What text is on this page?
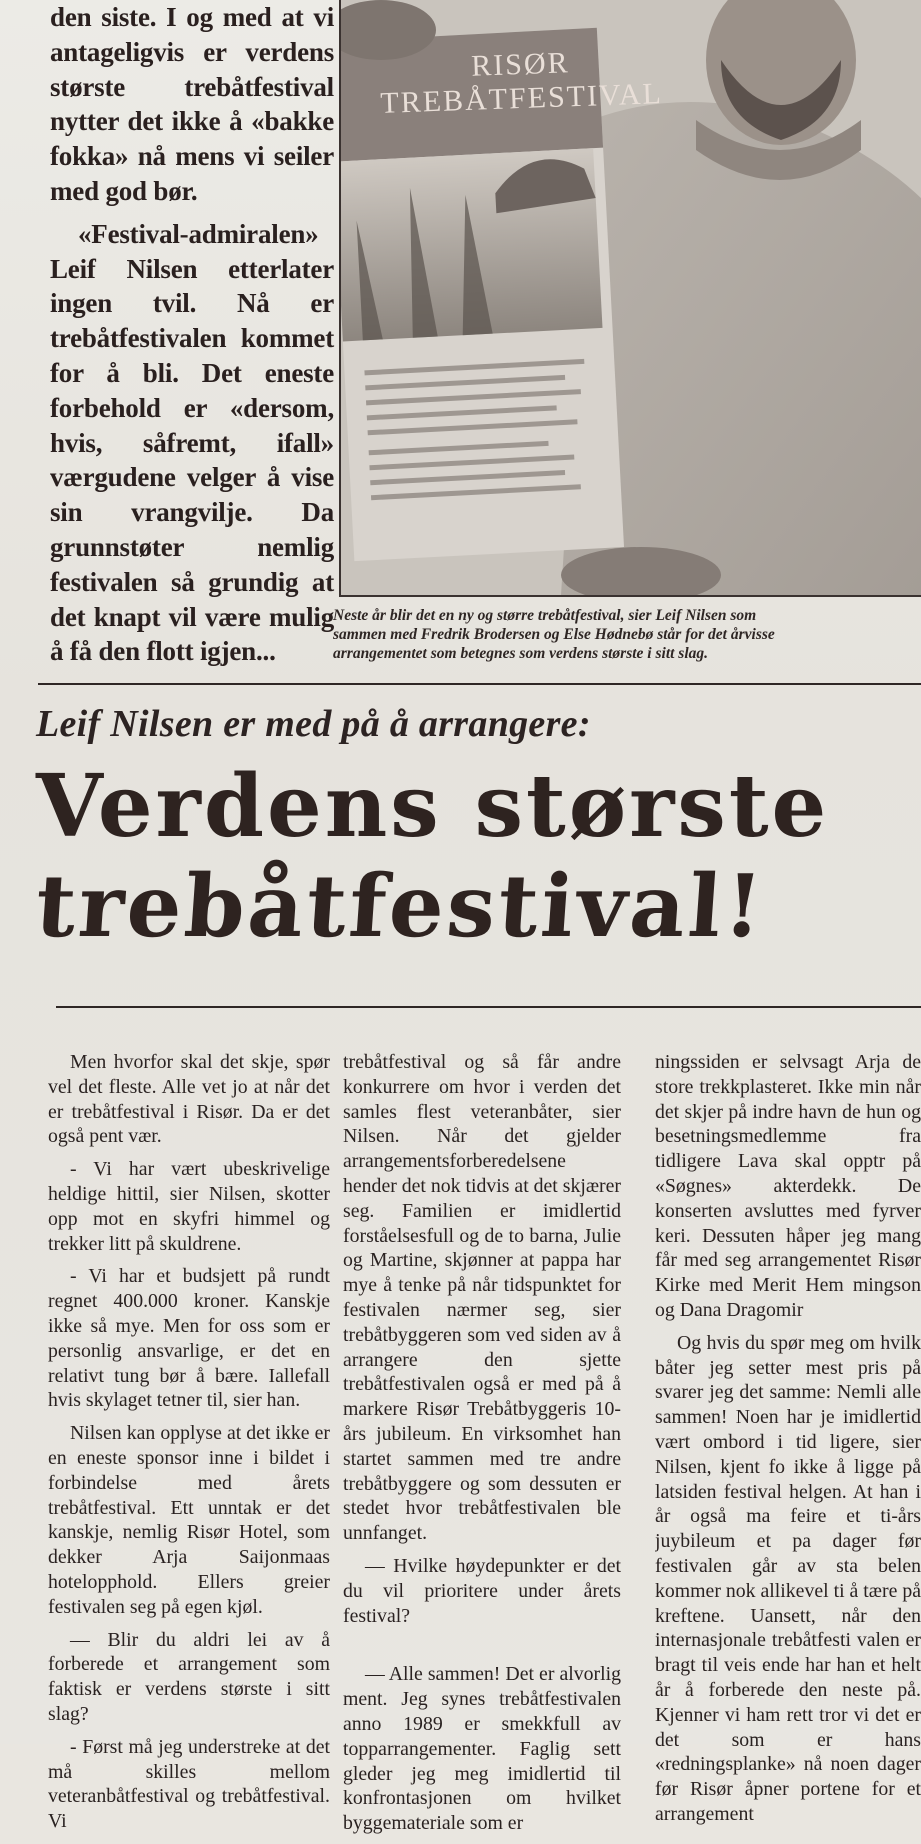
den siste. I og med at vi antageligvis er verdens største trebåtfestival nytter det ikke å «bakke fokka» nå mens vi seiler med god bør.

«Festival-admiralen» Leif Nilsen etterlater ingen tvil. Nå er trebåtfestivalen kommet for å bli. Det eneste forbehold er «dersom, hvis, såfremt, ifall» værgudene velger å vise sin vrangvilje. Da grunnstøter nemlig festivalen så grundig at det knapt vil være mulig å få den flott igjen...

RISØR TREBÅTFESTIVAL
Neste år blir det en ny og større trebåtfestival, sier Leif Nilsen som
sammen med Fredrik Brodersen og Else Hødnebø står for det årvisse
arrangementet som betegnes som verdens største i sitt slag.
Leif Nilsen er med på å arrangere:
Verdens største
trebåtfestival!

Men hvorfor skal det skje, spør vel det fleste. Alle vet jo at når det er trebåtfestival i Risør. Da er det også pent vær.

- Vi har vært ubeskrivelige heldige hittil, sier Nilsen, skotter opp mot en skyfri himmel og trekker litt på skuldrene.

- Vi har et budsjett på rundt regnet 400.000 kroner. Kanskje ikke så mye. Men for oss som er personlig ansvarlige, er det en relativt tung bør å bære. Iallefall hvis skylaget tetner til, sier han.

Nilsen kan opplyse at det ikke er en eneste sponsor inne i bildet i forbindelse med årets trebåtfestival. Ett unntak er det kanskje, nemlig Risør Hotel, som dekker Arja Saijonmaas hotelopphold. Ellers greier festivalen seg på egen kjøl.

— Blir du aldri lei av å forberede et arrangement som faktisk er verdens største i sitt slag?

- Først må jeg understreke at det må skilles mellom veteranbåtfestival og trebåtfestival. Vi

trebåtfestival og så får andre konkurrere om hvor i verden det samles flest veteranbåter, sier Nilsen. Når det gjelder arrangementsforberedelsene hender det nok tidvis at det skjærer seg. Familien er imidlertid forståelsesfull og de to barna, Julie og Martine, skjønner at pappa har mye å tenke på når tidspunktet for festivalen nærmer seg, sier trebåtbyggeren som ved siden av å arrangere den sjette trebåtfestivalen også er med på å markere Risør Trebåtbyggeris 10-års jubileum. En virksomhet han startet sammen med tre andre trebåtbyggere og som dessuten er stedet hvor trebåtfestivalen ble unnfanget.

— Hvilke høydepunkter er det du vil prioritere under årets festival?

— Alle sammen! Det er alvorlig ment. Jeg synes trebåtfestivalen anno 1989 er smekkfull av topparrangementer. Faglig sett gleder jeg meg imidlertid til konfrontasjonen om hvilket byggemateriale som er

ningssiden er selvsagt Arja de store trekkplasteret. Ikke min når det skjer på indre havn de hun og besetningsmedlemme fra tidligere Lava skal opptr på «Søgnes» akterdekk. De konserten avsluttes med fyrver keri. Dessuten håper jeg mang får med seg arrangementet Risør Kirke med Merit Hem mingson og Dana Dragomir

Og hvis du spør meg om hvilk båter jeg setter mest pris på svarer jeg det samme: Nemli alle sammen! Noen har je imidlertid vært ombord i tid ligere, sier Nilsen, kjent fo ikke å ligge på latsiden festival helgen. At han i år også ma feire et ti-års juybileum et pa dager før festivalen går av sta belen kommer nok allikevel ti å tære på kreftene. Uansett, når den internasjonale trebåtfesti valen er bragt til veis ende har han et helt år å forberede den neste på. Kjenner vi ham rett tror vi det er det som er hans «redningsplanke» nå noen dager før Risør åpner portene for et arrangement
